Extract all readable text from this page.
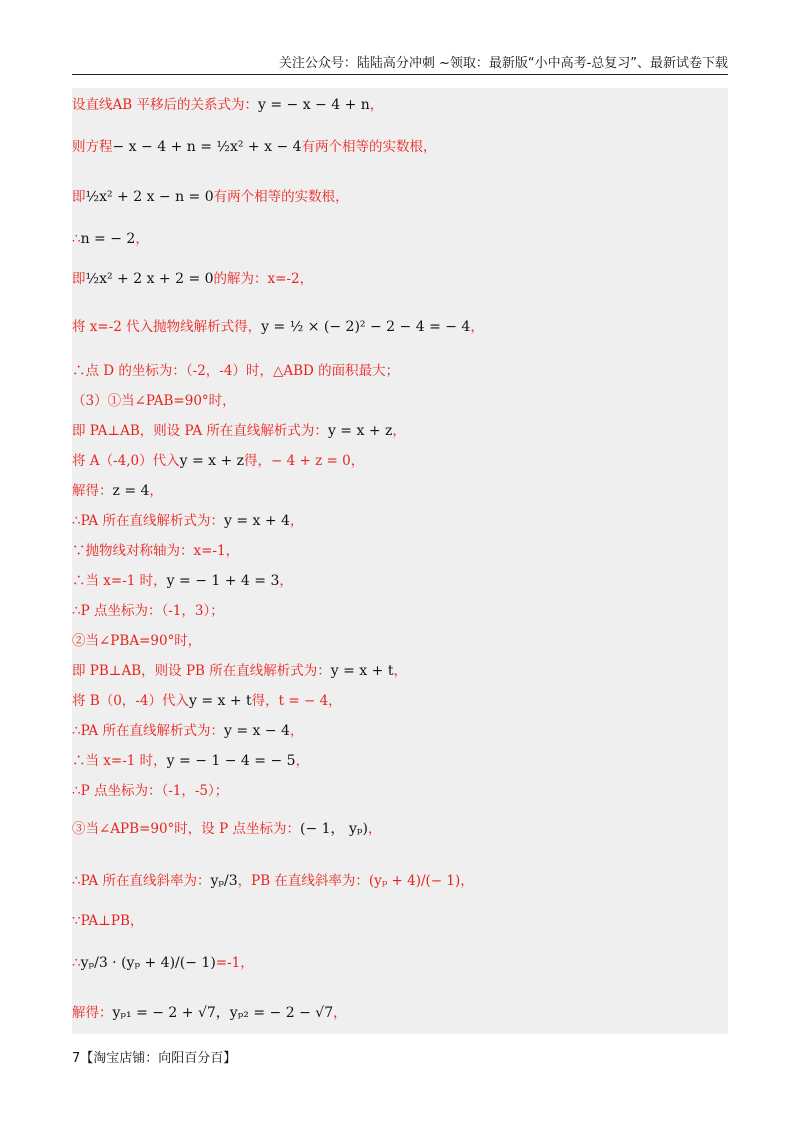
关注公众号：陆陆高分冲刺 ~领取：最新版“小中高考-总复习”、最新试卷下载
设直线AB 平移后的关系式为：y = − x − 4 + n，
则方程− x − 4 + n = ½x² + x − 4有两个相等的实数根，
即½x² + 2 x − n = 0有两个相等的实数根，
∴n = − 2，
即½x² + 2 x + 2 = 0的解为：x=-2，
将 x=-2 代入抛物线解析式得，y = ½ × (− 2)² − 2 − 4 = − 4，
∴点 D 的坐标为：（-2，-4）时，△ABD 的面积最大；
（3）①当∠PAB=90°时，
即 PA⊥AB，则设 PA 所在直线解析式为：y = x + z，
将 A（-4,0）代入y = x + z得，− 4 + z = 0，
解得：z = 4，
∴PA 所在直线解析式为：y = x + 4，
∵抛物线对称轴为：x=-1，
∴当 x=-1 时，y = − 1 + 4 = 3，
∴P 点坐标为：（-1，3）；
②当∠PBA=90°时，
即 PB⊥AB，则设 PB 所在直线解析式为：y = x + t，
将 B（0，-4）代入y = x + t得，t = − 4，
∴PA 所在直线解析式为：y = x − 4，
∴当 x=-1 时，y = − 1 − 4 = − 5，
∴P 点坐标为：（-1，-5）；
③当∠APB=90°时，设 P 点坐标为：(− 1， yₚ)，
∴PA 所在直线斜率为：yₚ/3，PB 在直线斜率为：(yₚ + 4)/(− 1)，
∵PA⊥PB，
∴yₚ/3 · (yₚ + 4)/(− 1)=-1，
解得：yₚ₁ = − 2 + √7，yₚ₂ = − 2 − √7，
7【淘宝店铺：向阳百分百】
